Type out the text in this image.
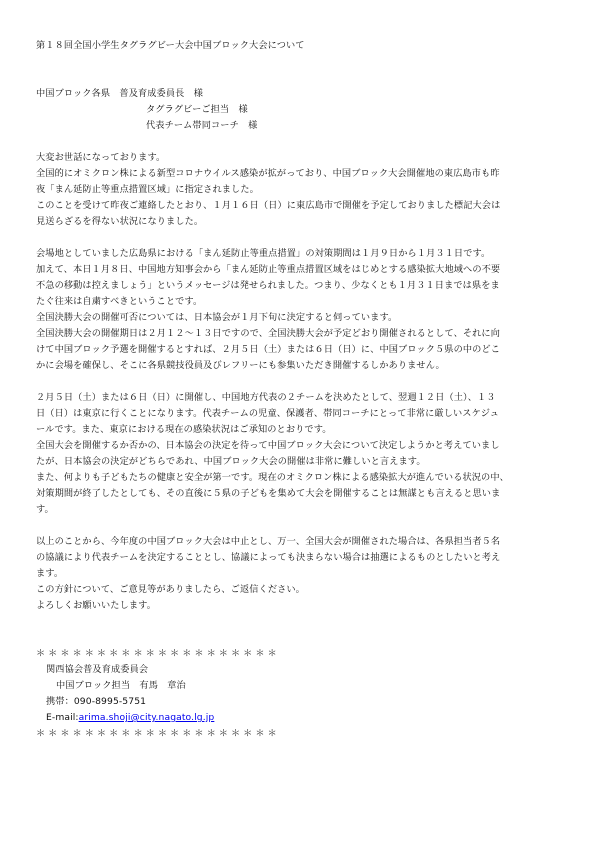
第１８回全国小学生タグラグビー大会中国ブロック大会について
中国ブロック各県　普及育成委員長　様
タグラグビーご担当　様
代表チーム帯同コーチ　様
大変お世話になっております。
全国的にオミクロン株による新型コロナウイルス感染が拡がっており、中国ブロック大会開催地の東広島市も昨
夜「まん延防止等重点措置区域」に指定されました。
このことを受けて昨夜ご連絡したとおり、１月１６日（日）に東広島市で開催を予定しておりました標記大会は
見送らざるを得ない状況になりました。
会場地としていました広島県における「まん延防止等重点措置」の対策期間は１月９日から１月３１日です。
加えて、本日１月８日、中国地方知事会から「まん延防止等重点措置区域をはじめとする感染拡大地域への不要
不急の移動は控えましょう」というメッセージは発せられました。つまり、少なくとも１月３１日までは県をま
たぐ往来は自粛すべきということです。
全国決勝大会の開催可否については、日本協会が１月下旬に決定すると伺っています。
全国決勝大会の開催期日は２月１２～１３日ですので、全国決勝大会が予定どおり開催されるとして、それに向
けて中国ブロック予選を開催するとすれば、２月５日（土）または６日（日）に、中国ブロック５県の中のどこ
かに会場を確保し、そこに各県競技役員及びレフリーにも参集いただき開催するしかありません。
２月５日（土）または６日（日）に開催し、中国地方代表の２チームを決めたとして、翌週１２日（土）、１３
日（日）は東京に行くことになります。代表チームの児童、保護者、帯同コーチにとって非常に厳しいスケジュ
ールです。また、東京における現在の感染状況はご承知のとおりです。
全国大会を開催するか否かの、日本協会の決定を待って中国ブロック大会について決定しようかと考えていまし
たが、日本協会の決定がどちらであれ、中国ブロック大会の開催は非常に難しいと言えます。
また、何よりも子どもたちの健康と安全が第一です。現在のオミクロン株による感染拡大が進んでいる状況の中、
対策期間が終了したとしても、その直後に５県の子どもを集めて大会を開催することは無謀とも言えると思いま
す。
以上のことから、今年度の中国ブロック大会は中止とし、万一、全国大会が開催された場合は、各県担当者５名
の協議により代表チームを決定することとし、協議によっても決まらない場合は抽選によるものとしたいと考え
ます。
この方針について、ご意見等がありましたら、ご返信ください。
よろしくお願いいたします。
＊＊＊＊＊＊＊＊＊＊＊＊＊＊＊＊＊＊＊＊
関西協会普及育成委員会
中国ブロック担当　有馬　章治
携帯：090-8995-5751
E-mail:arima.shoji@city.nagato.lg.jp
＊＊＊＊＊＊＊＊＊＊＊＊＊＊＊＊＊＊＊＊
